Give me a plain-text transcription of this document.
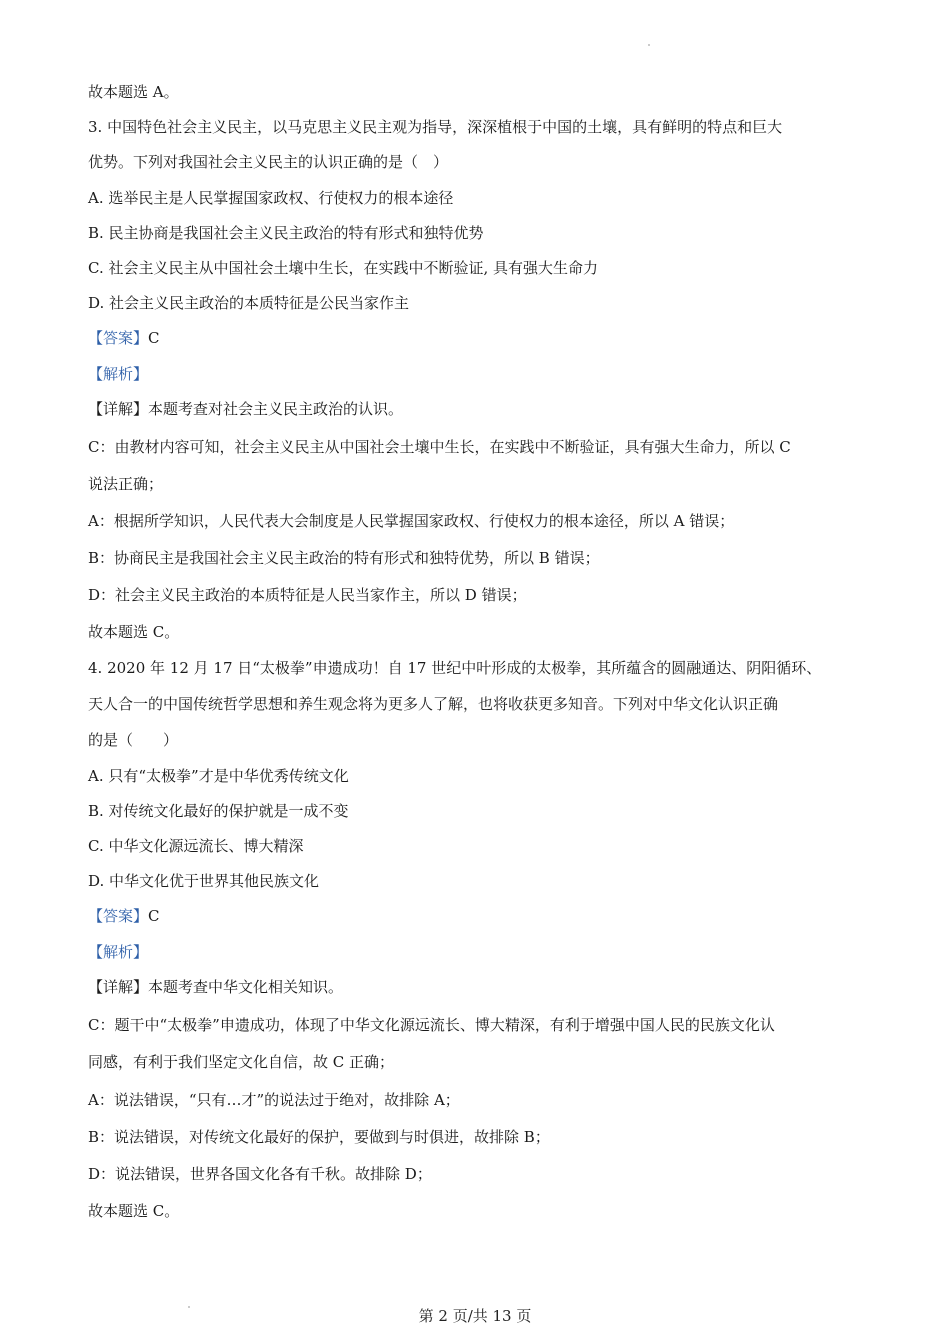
故本题选 A。
3. 中国特色社会主义民主，以马克思主义民主观为指导，深深植根于中国的土壤，具有鲜明的特点和巨大
优势。下列对我国社会主义民主的认识正确的是（　）
A. 选举民主是人民掌握国家政权、行使权力的根本途径
B. 民主协商是我国社会主义民主政治的特有形式和独特优势
C. 社会主义民主从中国社会土壤中生长，在实践中不断验证, 具有强大生命力
D. 社会主义民主政治的本质特征是公民当家作主
【答案】C
【解析】
【详解】本题考查对社会主义民主政治的认识。
C：由教材内容可知，社会主义民主从中国社会土壤中生长，在实践中不断验证，具有强大生命力，所以 C
说法正确；
A：根据所学知识，人民代表大会制度是人民掌握国家政权、行使权力的根本途径，所以 A 错误；
B：协商民主是我国社会主义民主政治的特有形式和独特优势，所以 B 错误；
D：社会主义民主政治的本质特征是人民当家作主，所以 D 错误；
故本题选 C。
4. 2020 年 12 月 17 日“太极拳”申遗成功！自 17 世纪中叶形成的太极拳，其所蕴含的圆融通达、阴阳循环、
天人合一的中国传统哲学思想和养生观念将为更多人了解，也将收获更多知音。下列对中华文化认识正确
的是（　　）
A. 只有“太极拳”才是中华优秀传统文化
B. 对传统文化最好的保护就是一成不变
C. 中华文化源远流长、博大精深
D. 中华文化优于世界其他民族文化
【答案】C
【解析】
【详解】本题考查中华文化相关知识。
C：题干中“太极拳”申遗成功，体现了中华文化源远流长、博大精深，有利于增强中国人民的民族文化认
同感，有利于我们坚定文化自信，故 C 正确；
A：说法错误，“只有…才”的说法过于绝对，故排除 A；
B：说法错误，对传统文化最好的保护，要做到与时俱进，故排除 B；
D：说法错误，世界各国文化各有千秋。故排除 D；
故本题选 C。
第 2 页/共 13 页
